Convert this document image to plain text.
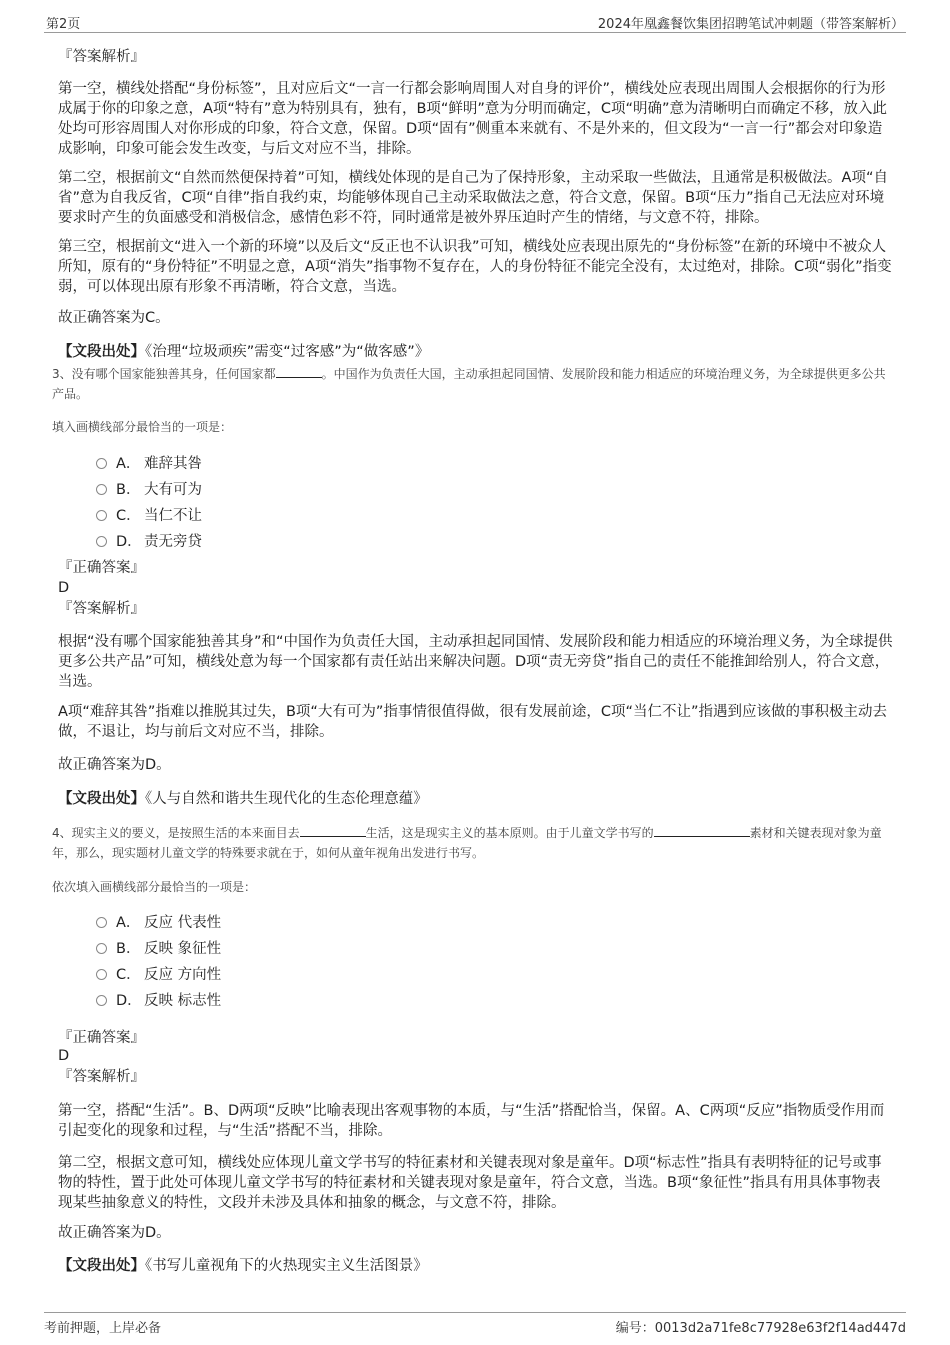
第2页	2024年凰鑫餐饮集团招聘笔试冲刺题（带答案解析）
『答案解析』

第一空，横线处搭配“身份标签”，且对应后文“一言一行都会影响周围人对自身的评价”，横线处应表现出周围人会根据你的行为形成属于你的印象之意，A项“特有”意为特别具有，独有，B项“鲜明”意为分明而确定，C项“明确”意为清晰明白而确定不移，放入此处均可形容周围人对你形成的印象，符合文意，保留。D项“固有”侧重本来就有、不是外来的，但文段为“一言一行”都会对印象造成影响，印象可能会发生改变，与后文对应不当，排除。

第二空，根据前文“自然而然便保持着”可知，横线处体现的是自己为了保持形象，主动采取一些做法，且通常是积极做法。A项“自省”意为自我反省，C项“自律”指自我约束，均能够体现自己主动采取做法之意，符合文意，保留。B项“压力”指自己无法应对环境要求时产生的负面感受和消极信念，感情色彩不符，同时通常是被外界压迫时产生的情绪，与文意不符，排除。

第三空，根据前文“进入一个新的环境”以及后文“反正也不认识我”可知，横线处应表现出原先的“身份标签”在新的环境中不被众人所知，原有的“身份特征”不明显之意，A项“消失”指事物不复存在，人的身份特征不能完全没有，太过绝对，排除。C项“弱化”指变弱，可以体现出原有形象不再清晰，符合文意，当选。

故正确答案为C。
【文段出处】《治理“垃圾顽疾”需变“过客感”为“做客感”》

3、没有哪个国家能独善其身，任何国家都	。中国作为负责任大国，主动承担起同国情、发展阶段和能力相适应的环境治理义务，为全球提供更多公共产品。

填入画横线部分最恰当的一项是：
A． 难辞其咎
B． 大有可为
C． 当仁不让
D． 责无旁贷
『正确答案』
D
『答案解析』

根据“没有哪个国家能独善其身”和“中国作为负责任大国，主动承担起同国情、发展阶段和能力相适应的环境治理义务，为全球提供更多公共产品”可知，横线处意为每一个国家都有责任站出来解决问题。D项“责无旁贷”指自己的责任不能推卸给别人，符合文意，当选。

A项“难辞其咎”指难以推脱其过失，B项“大有可为”指事情很值得做，很有发展前途，C项“当仁不让”指遇到应该做的事积极主动去做，不退让，均与前后文对应不当，排除。

故正确答案为D。
【文段出处】《人与自然和谐共生现代化的生态伦理意蕴》

4、现实主义的要义，是按照生活的本来面目去	生活，这是现实主义的基本原则。由于儿童文学书写的	素材和关键表现对象为童年，那么，现实题材儿童文学的特殊要求就在于，如何从童年视角出发进行书写。

依次填入画横线部分最恰当的一项是：
A． 反应 代表性
B． 反映 象征性
C． 反应 方向性
D． 反映 标志性
『正确答案』
D
『答案解析』

第一空，搭配“生活”。B、D两项“反映”比喻表现出客观事物的本质，与“生活”搭配恰当，保留。A、C两项“反应”指物质受作用而引起变化的现象和过程，与“生活”搭配不当，排除。

第二空，根据文意可知，横线处应体现儿童文学书写的特征素材和关键表现对象是童年。D项“标志性”指具有表明特征的记号或事物的特性，置于此处可体现儿童文学书写的特征素材和关键表现对象是童年，符合文意，当选。B项“象征性”指具有用具体事物表现某些抽象意义的特性，文段并未涉及具体和抽象的概念，与文意不符，排除。

故正确答案为D。
【文段出处】《书写儿童视角下的火热现实主义生活图景》
考前押题，上岸必备	编号：0013d2a71fe8c77928e63f2f14ad447d
